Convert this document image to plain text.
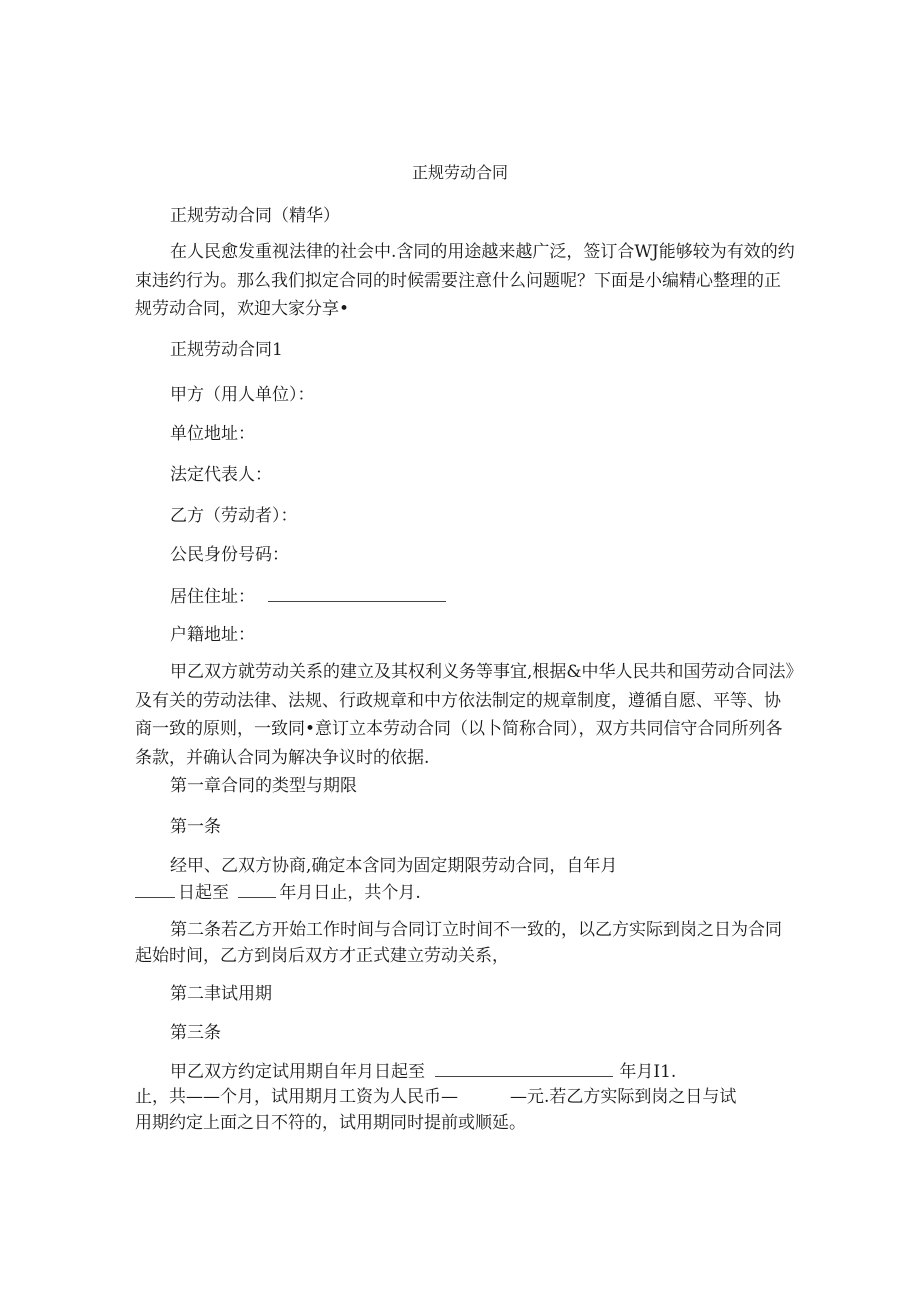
正规劳动合同

正规劳动合同（精华）

在人民愈发重视法律的社会中.含同的用途越来越广泛，签订合WJ能够较为有效的约

束违约行为。那么我们拟定合同的时候需要注意什么问题呢？下面是小编精心整理的正

规劳动合同，欢迎大家分享•

正规劳动合同1

甲方（用人单位）：

单位地址：

法定代表人：

乙方（劳动者）：

公民身份号码：

居住住址：

户籍地址：

甲乙双方就劳动关系的建立及其权利义务等事宜,根据&中华人民共和国劳动合同法》

及有关的劳动法律、法规、行政规章和中方依法制定的规章制度，遵循自愿、平等、协

商一致的原则，一致同•意订立本劳动合同（以卜简称合同），双方共同信守合同所列各

条款，并确认合同为解决争议时的依据.

第一章合同的类型与期限

第一条

经甲、乙双方协商,确定本含同为固定期限劳动合同，自年月

日起至	年月日止，共个月.

第二条若乙方开始工作时间与合同订立时间不一致的，以乙方实际到岗之日为合同

起始时间，乙方到岗后双方才正式建立劳动关系，

第二聿试用期

第三条

甲乙双方约定试用期自年月日起至	年月I1.

止，共——个月，试用期月工资为人民币—	—元.若乙方实际到岗之日与试

用期约定上面之日不符的，试用期同时提前或顺延。
